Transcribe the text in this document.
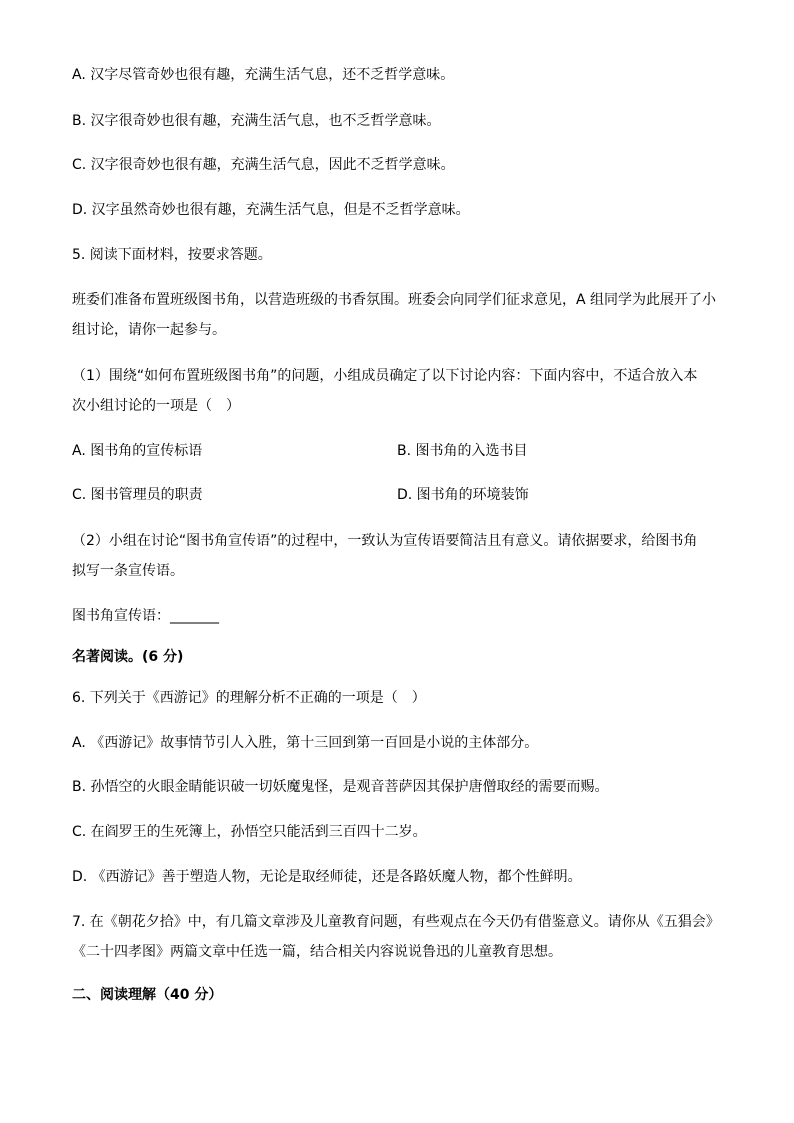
A. 汉字尽管奇妙也很有趣，充满生活气息，还不乏哲学意味。
B. 汉字很奇妙也很有趣，充满生活气息，也不乏哲学意味。
C. 汉字很奇妙也很有趣，充满生活气息，因此不乏哲学意味。
D. 汉字虽然奇妙也很有趣，充满生活气息，但是不乏哲学意味。
5. 阅读下面材料，按要求答题。
班委们准备布置班级图书角，以营造班级的书香氛围。班委会向同学们征求意见，A 组同学为此展开了小
组讨论，请你一起参与。
（1）围绕“如何布置班级图书角”的问题，小组成员确定了以下讨论内容：下面内容中，不适合放入本
次小组讨论的一项是（　）
A. 图书角的宣传标语	B. 图书角的入选书目
C. 图书管理员的职责	D. 图书角的环境装饰
（2）小组在讨论“图书角宣传语”的过程中，一致认为宣传语要简洁且有意义。请依据要求，给图书角
拟写一条宣传语。
图书角宣传语：_______
名著阅读。(6 分)
6. 下列关于《西游记》的理解分析不正确的一项是（　）
A. 《西游记》故事情节引人入胜，第十三回到第一百回是小说的主体部分。
B. 孙悟空的火眼金睛能识破一切妖魔鬼怪，是观音菩萨因其保护唐僧取经的需要而赐。
C. 在阎罗王的生死簿上，孙悟空只能活到三百四十二岁。
D. 《西游记》善于塑造人物，无论是取经师徒，还是各路妖魔人物，都个性鲜明。
7. 在《朝花夕拾》中，有几篇文章涉及儿童教育问题，有些观点在今天仍有借鉴意义。请你从《五猖会》
《二十四孝图》两篇文章中任选一篇，结合相关内容说说鲁迅的儿童教育思想。
二、阅读理解（40 分）
